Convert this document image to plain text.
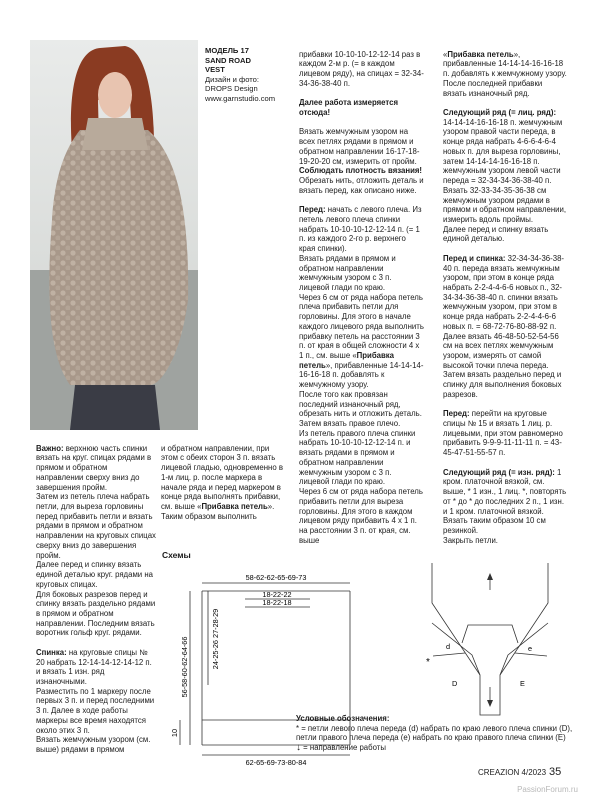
МОДЕЛЬ 17
SAND ROAD
VEST
Дизайн и фото:
DROPS Design
www.garnstudio.com

Важно: верхнюю часть спинки вязать на круг. спицах рядами в прямом и обратном направлении сверху вниз до завершения пройм.
Затем из петель плеча набрать петли, для выреза горловины перед прибавить петли и вязать рядами в прямом и обратном направлении на круговых спицах сверху вниз до завершения пройм.
Далее перед и спинку вязать единой деталью круг. рядами на круговых спицах.
Для боковых разрезов перед и спинку вязать раздельно рядами в прямом и обратном направлении. Последним вязать воротник гольф круг. рядами.

Спинка: на круговые спицы № 20 набрать 12-14-14-12-14-12 п. и вязать 1 изн. ряд изнаночными.
Разместить по 1 маркеру после первых 3 п. и перед последними 3 п. Далее в ходе работы маркеры все время находятся около этих 3 п.
Вязать жемчужным узором (см. выше) рядами в прямом

и обратном направлении, при этом с обеих сторон 3 п. вязать лицевой гладью, одновременно в 1-м лиц. р. после маркера в начале ряда и перед маркером в конце ряда выполнять прибавки, см. выше «Прибавка петель».
Таким образом выполнить

прибавки 10-10-10-12-12-14 раз в каждом 2-м р. (= в каждом лицевом ряду), на спицах = 32-34-34-36-38-40 п.

Далее работа измеряется отсюда!

Вязать жемчужным узором на всех петлях рядами в прямом и обратном направлении 16-17-18-19-20-20 см, измерить от пройм. Соблюдать плотность вязания! Обрезать нить, отложить деталь и вязать перед, как описано ниже.

Перед: начать с левого плеча. Из петель левого плеча спинки набрать 10-10-10-12-12-14 п. (= 1 п. из каждого 2-го р. верхнего края спинки).
Вязать рядами в прямом и обратном направлении жемчужным узором с 3 п. лицевой глади по краю.
Через 6 см от ряда набора петель плеча прибавить петли для горловины. Для этого в начале каждого лицевого ряда выполнить прибавку петель на расстоянии 3 п. от края в общей сложности 4 х 1 п., см. выше «Прибавка петель», прибавленные 14-14-14-16-16-18 п. добавлять к жемчужному узору.
После того как провязан последний изнаночный ряд, обрезать нить и отложить деталь. Затем вязать правое плечо.
Из петель правого плеча спинки набрать 10-10-10-12-12-14 п. и вязать рядами в прямом и обратном направлении жемчужным узором с 3 п. лицевой глади по краю.
Через 6 см от ряда набора петель прибавить петли для выреза горловины. Для этого в каждом лицевом ряду прибавить 4 х 1 п. на расстоянии 3 п. от края, см. выше

«Прибавка петель», прибавленные 14-14-14-16-16-18 п. добавлять к жемчужному узору.
После последней прибавки вязать изнаночный ряд.

Следующий ряд (= лиц. ряд): 14-14-14-16-16-18 п. жемчужным узором правой части переда, в конце ряда набрать 4-6-6-4-6-4 новых п. для выреза горловины, затем 14-14-14-16-16-18 п. жемчужным узором левой части переда = 32-34-34-36-38-40 п.
Вязать 32-33-34-35-36-38 см жемчужным узором рядами в прямом и обратном направлении, измерить вдоль проймы.
Далее перед и спинку вязать единой деталью.

Перед и спинка: 32-34-34-36-38-40 п. переда вязать жемчужным узором, при этом в конце ряда набрать 2-2-4-4-6-6 новых п., 32-34-34-36-38-40 п. спинки вязать жемчужным узором, при этом в конце ряда набрать 2-2-4-4-6-6 новых п. = 68-72-76-80-88-92 п.
Далее вязать 46-48-50-52-54-56 см на всех петлях жемчужным узором, измерять от самой высокой точки плеча переда. Затем вязать раздельно перед и спинку для выполнения боковых разрезов.

Перед: перейти на круговые спицы № 15 и вязать 1 лиц. р. лицевыми, при этом равномерно прибавить 9-9-9-11-11-11 п. = 43-45-47-51-55-57 п.

Следующий ряд (= изн. ряд): 1 кром. платочной вязкой, см. выше, * 1 изн., 1 лиц. *, повторять от * до * до последних 2 п., 1 изн. и 1 кром. платочной вязкой.
Вязать таким образом 10 см резинкой.
Закрыть петли.

Схемы
58-62-62-65-69-73
18-22-22
18-22-18
24-25-26 27-28-29
56-58-60-62-64-66
10
62-65-69-73-80-84
d	e
D	E
*
Условные обозначения:
* = петли левого плеча переда (d) набрать по краю левого плеча спинки (D), петли правого плеча переда (e) набрать по краю правого плеча спинки (E)
↓ = направление работы
CREAZION 4/2023 35
PassionForum.ru
